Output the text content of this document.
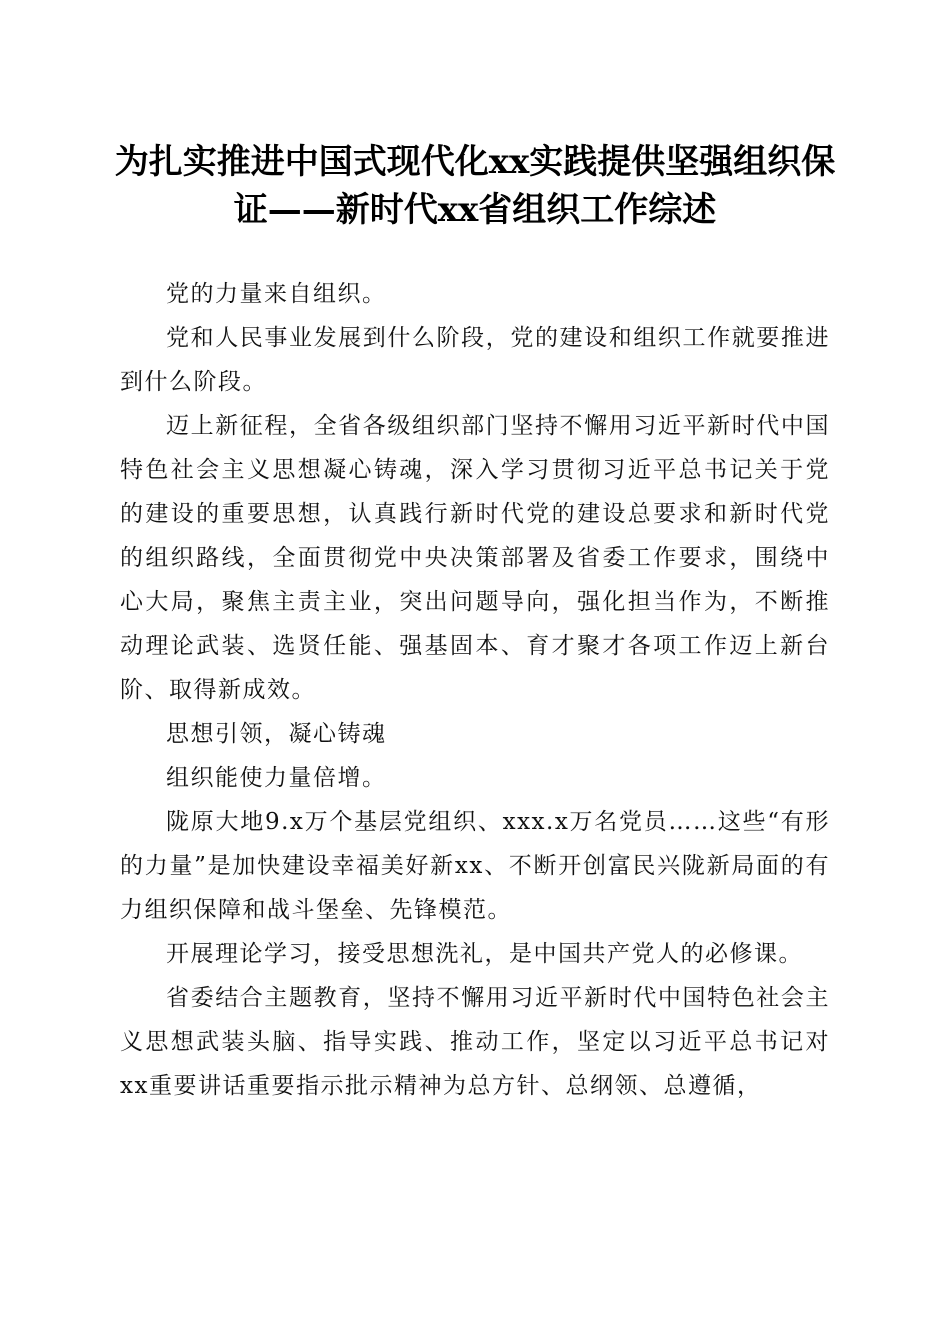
为扎实推进中国式现代化xx实践提供坚强组织保证——新时代xx省组织工作综述

党的力量来自组织。

党和人民事业发展到什么阶段，党的建设和组织工作就要推进到什么阶段。

迈上新征程，全省各级组织部门坚持不懈用习近平新时代中国特色社会主义思想凝心铸魂，深入学习贯彻习近平总书记关于党的建设的重要思想，认真践行新时代党的建设总要求和新时代党的组织路线，全面贯彻党中央决策部署及省委工作要求，围绕中心大局，聚焦主责主业，突出问题导向，强化担当作为，不断推动理论武装、选贤任能、强基固本、育才聚才各项工作迈上新台阶、取得新成效。

思想引领，凝心铸魂

组织能使力量倍增。

陇原大地9.x万个基层党组织、xxx.x万名党员……这些“有形的力量”是加快建设幸福美好新xx、不断开创富民兴陇新局面的有力组织保障和战斗堡垒、先锋模范。

开展理论学习，接受思想洗礼，是中国共产党人的必修课。

省委结合主题教育，坚持不懈用习近平新时代中国特色社会主义思想武装头脑、指导实践、推动工作，坚定以习近平总书记对xx重要讲话重要指示批示精神为总方针、总纲领、总遵循，
